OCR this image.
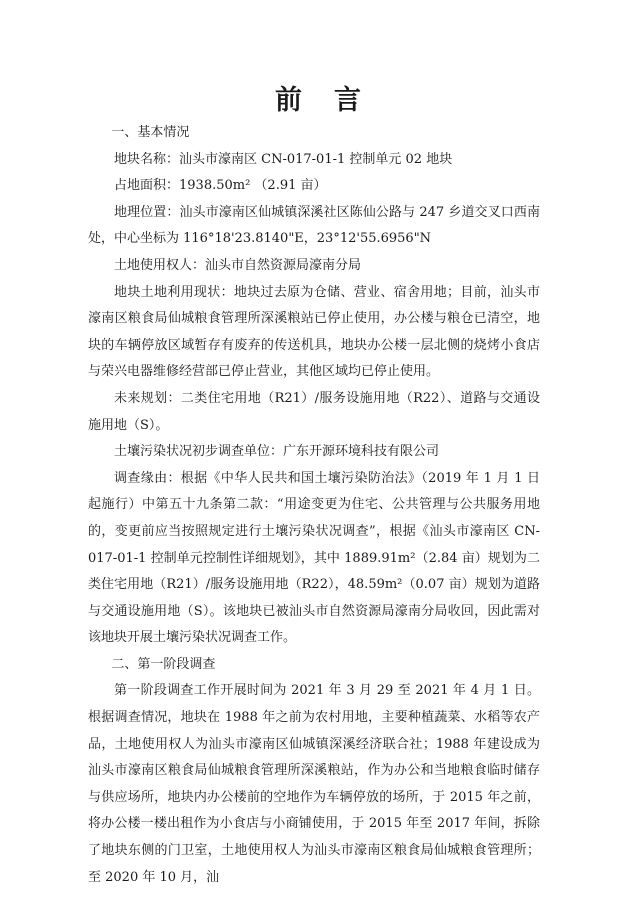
前言

一、基本情况

地块名称：汕头市濠南区 CN-017-01-1 控制单元 02 地块

占地面积：1938.50m² （2.91 亩）

地理位置：汕头市濠南区仙城镇深溪社区陈仙公路与 247 乡道交叉口西南处，中心坐标为 116°18'23.8140"E，23°12'55.6956"N

土地使用权人：汕头市自然资源局濠南分局

地块土地利用现状：地块过去原为仓储、营业、宿舍用地；目前，汕头市濠南区粮食局仙城粮食管理所深溪粮站已停止使用，办公楼与粮仓已清空，地块的车辆停放区域暂存有废弃的传送机具，地块办公楼一层北侧的烧烤小食店与荣兴电器维修经营部已停止营业，其他区域均已停止使用。

未来规划：二类住宅用地（R21）/服务设施用地（R22）、道路与交通设施用地（S）。

土壤污染状况初步调查单位：广东开源环境科技有限公司

调查缘由：根据《中华人民共和国土壤污染防治法》（2019 年 1 月 1 日起施行）中第五十九条第二款：“用途变更为住宅、公共管理与公共服务用地的，变更前应当按照规定进行土壤污染状况调查”，根据《汕头市濠南区 CN-017-01-1 控制单元控制性详细规划》，其中 1889.91m²（2.84 亩）规划为二类住宅用地（R21）/服务设施用地（R22），48.59m²（0.07 亩）规划为道路与交通设施用地（S）。该地块已被汕头市自然资源局濠南分局收回，因此需对该地块开展土壤污染状况调查工作。

二、第一阶段调查

第一阶段调查工作开展时间为 2021 年 3 月 29 至 2021 年 4 月 1 日。根据调查情况，地块在 1988 年之前为农村用地，主要种植蔬菜、水稻等农产品，土地使用权人为汕头市濠南区仙城镇深溪经济联合社；1988 年建设成为汕头市濠南区粮食局仙城粮食管理所深溪粮站，作为办公和当地粮食临时储存与供应场所，地块内办公楼前的空地作为车辆停放的场所，于 2015 年之前，将办公楼一楼出租作为小食店与小商铺使用，于 2015 年至 2017 年间，拆除了地块东侧的门卫室，土地使用权人为汕头市濠南区粮食局仙城粮食管理所；至 2020 年 10 月，汕
